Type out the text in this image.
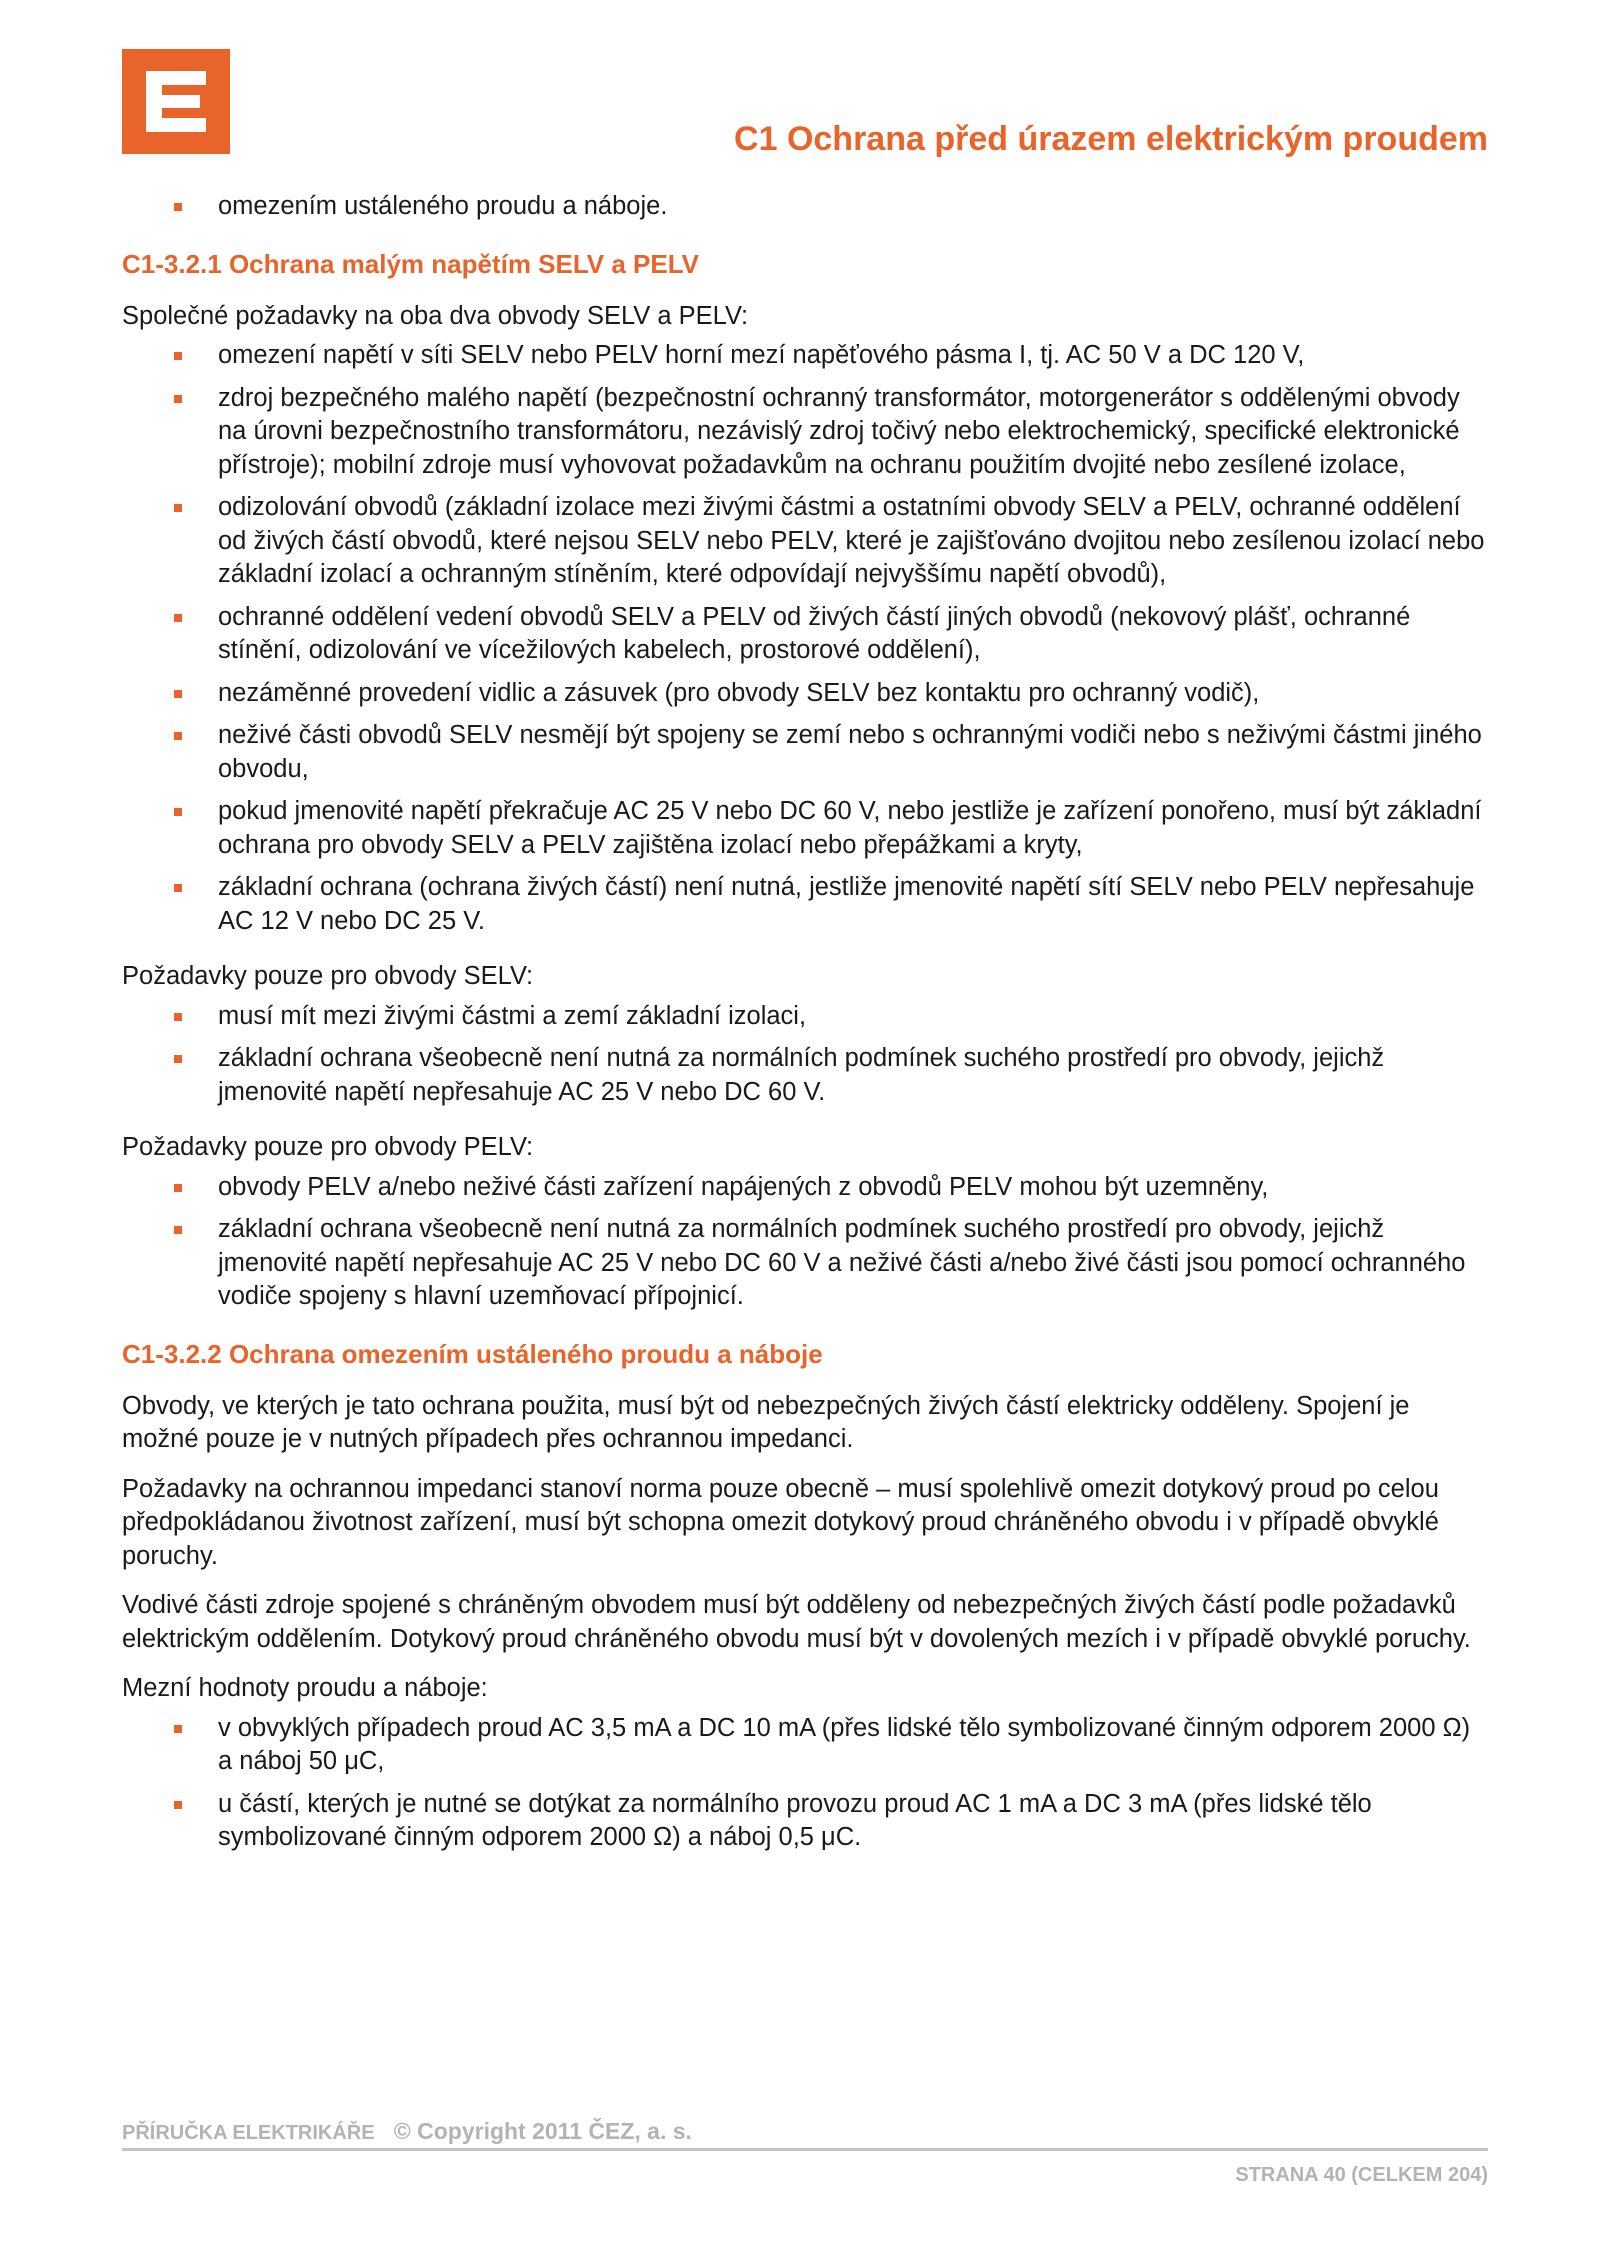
C1 Ochrana před úrazem elektrickým proudem
omezením ustáleného proudu a náboje.
C1-3.2.1 Ochrana malým napětím SELV a PELV

Společné požadavky na oba dva obvody SELV a PELV:

omezení napětí v síti SELV nebo PELV horní mezí napěťového pásma I, tj. AC 50 V a DC 120 V,
zdroj bezpečného malého napětí (bezpečnostní ochranný transformátor, motorgenerátor s oddělenými obvody na úrovni bezpečnostního transformátoru, nezávislý zdroj točivý nebo elektrochemický, specifické elektronické přístroje); mobilní zdroje musí vyhovovat požadavkům na ochranu použitím dvojité nebo zesílené izolace,
odizolování obvodů (základní izolace mezi živými částmi a ostatními obvody SELV a PELV, ochranné oddělení od živých částí obvodů, které nejsou SELV nebo PELV, které je zajišťováno dvojitou nebo zesílenou izolací nebo základní izolací a ochranným stíněním, které odpovídají nejvyššímu napětí obvodů),
ochranné oddělení vedení obvodů SELV a PELV od živých částí jiných obvodů (nekovový plášť, ochranné stínění, odizolování ve vícežilových kabelech, prostorové oddělení),
nezáměnné provedení vidlic a zásuvek (pro obvody SELV bez kontaktu pro ochranný vodič),
neživé části obvodů SELV nesmějí být spojeny se zemí nebo s ochrannými vodiči nebo s neživými částmi jiného obvodu,
pokud jmenovité napětí překračuje AC 25 V nebo DC 60 V, nebo jestliže je zařízení ponořeno, musí být základní ochrana pro obvody SELV a PELV zajištěna izolací nebo přepážkami a kryty,
základní ochrana (ochrana živých částí) není nutná, jestliže jmenovité napětí sítí SELV nebo PELV nepřesahuje AC 12 V nebo DC 25 V.

Požadavky pouze pro obvody SELV:

musí mít mezi živými částmi a zemí základní izolaci,
základní ochrana všeobecně není nutná za normálních podmínek suchého prostředí pro obvody, jejichž jmenovité napětí nepřesahuje AC 25 V nebo DC 60 V.

Požadavky pouze pro obvody PELV:

obvody PELV a/nebo neživé části zařízení napájených z obvodů PELV mohou být uzemněny,
základní ochrana všeobecně není nutná za normálních podmínek suchého prostředí pro obvody, jejichž jmenovité napětí nepřesahuje AC 25 V nebo DC 60 V a neživé části a/nebo živé části jsou pomocí ochranného vodiče spojeny s hlavní uzemňovací přípojnicí.
C1-3.2.2 Ochrana omezením ustáleného proudu a náboje

Obvody, ve kterých je tato ochrana použita, musí být od nebezpečných živých částí elektricky odděleny. Spojení je možné pouze je v nutných případech přes ochrannou impedanci.

Požadavky na ochrannou impedanci stanoví norma pouze obecně – musí spolehlivě omezit dotykový proud po celou předpokládanou životnost zařízení, musí být schopna omezit dotykový proud chráněného obvodu i v případě obvyklé poruchy.

Vodivé části zdroje spojené s chráněným obvodem musí být odděleny od nebezpečných živých částí podle požadavků elektrickým oddělením. Dotykový proud chráněného obvodu musí být v dovolených mezích i v případě obvyklé poruchy.

Mezní hodnoty proudu a náboje:

v obvyklých případech proud AC 3,5 mA a DC 10 mA (přes lidské tělo symbolizované činným odporem 2000 Ω) a náboj 50 μC,
u částí, kterých je nutné se dotýkat za normálního provozu proud AC 1 mA a DC 3 mA (přes lidské tělo symbolizované činným odporem 2000 Ω) a náboj 0,5 μC.
PŘÍRUČKA ELEKTRIKÁŘE © Copyright 2011 ČEZ, a. s.
STRANA 40 (CELKEM 204)
